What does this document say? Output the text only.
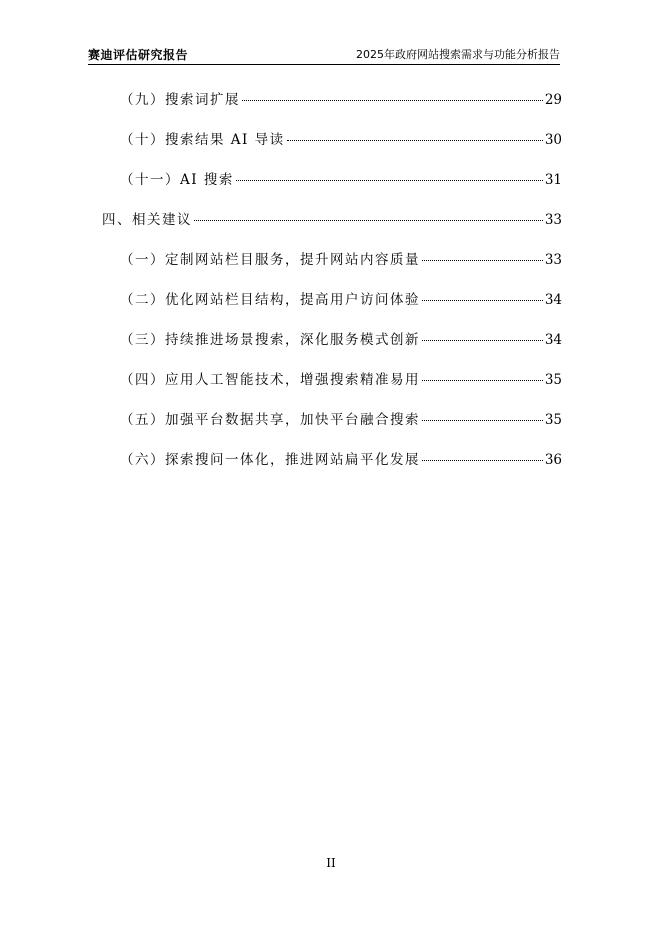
赛迪评估研究报告	2025年政府网站搜索需求与功能分析报告
（九）搜索词扩展	29
（十）搜索结果 AI 导读	30
（十一）AI 搜索	31
四、相关建议	33
（一）定制网站栏目服务，提升网站内容质量	33
（二）优化网站栏目结构，提高用户访问体验	34
（三）持续推进场景搜索，深化服务模式创新	34
（四）应用人工智能技术，增强搜索精准易用	35
（五）加强平台数据共享，加快平台融合搜索	35
（六）探索搜问一体化，推进网站扁平化发展	36
II
